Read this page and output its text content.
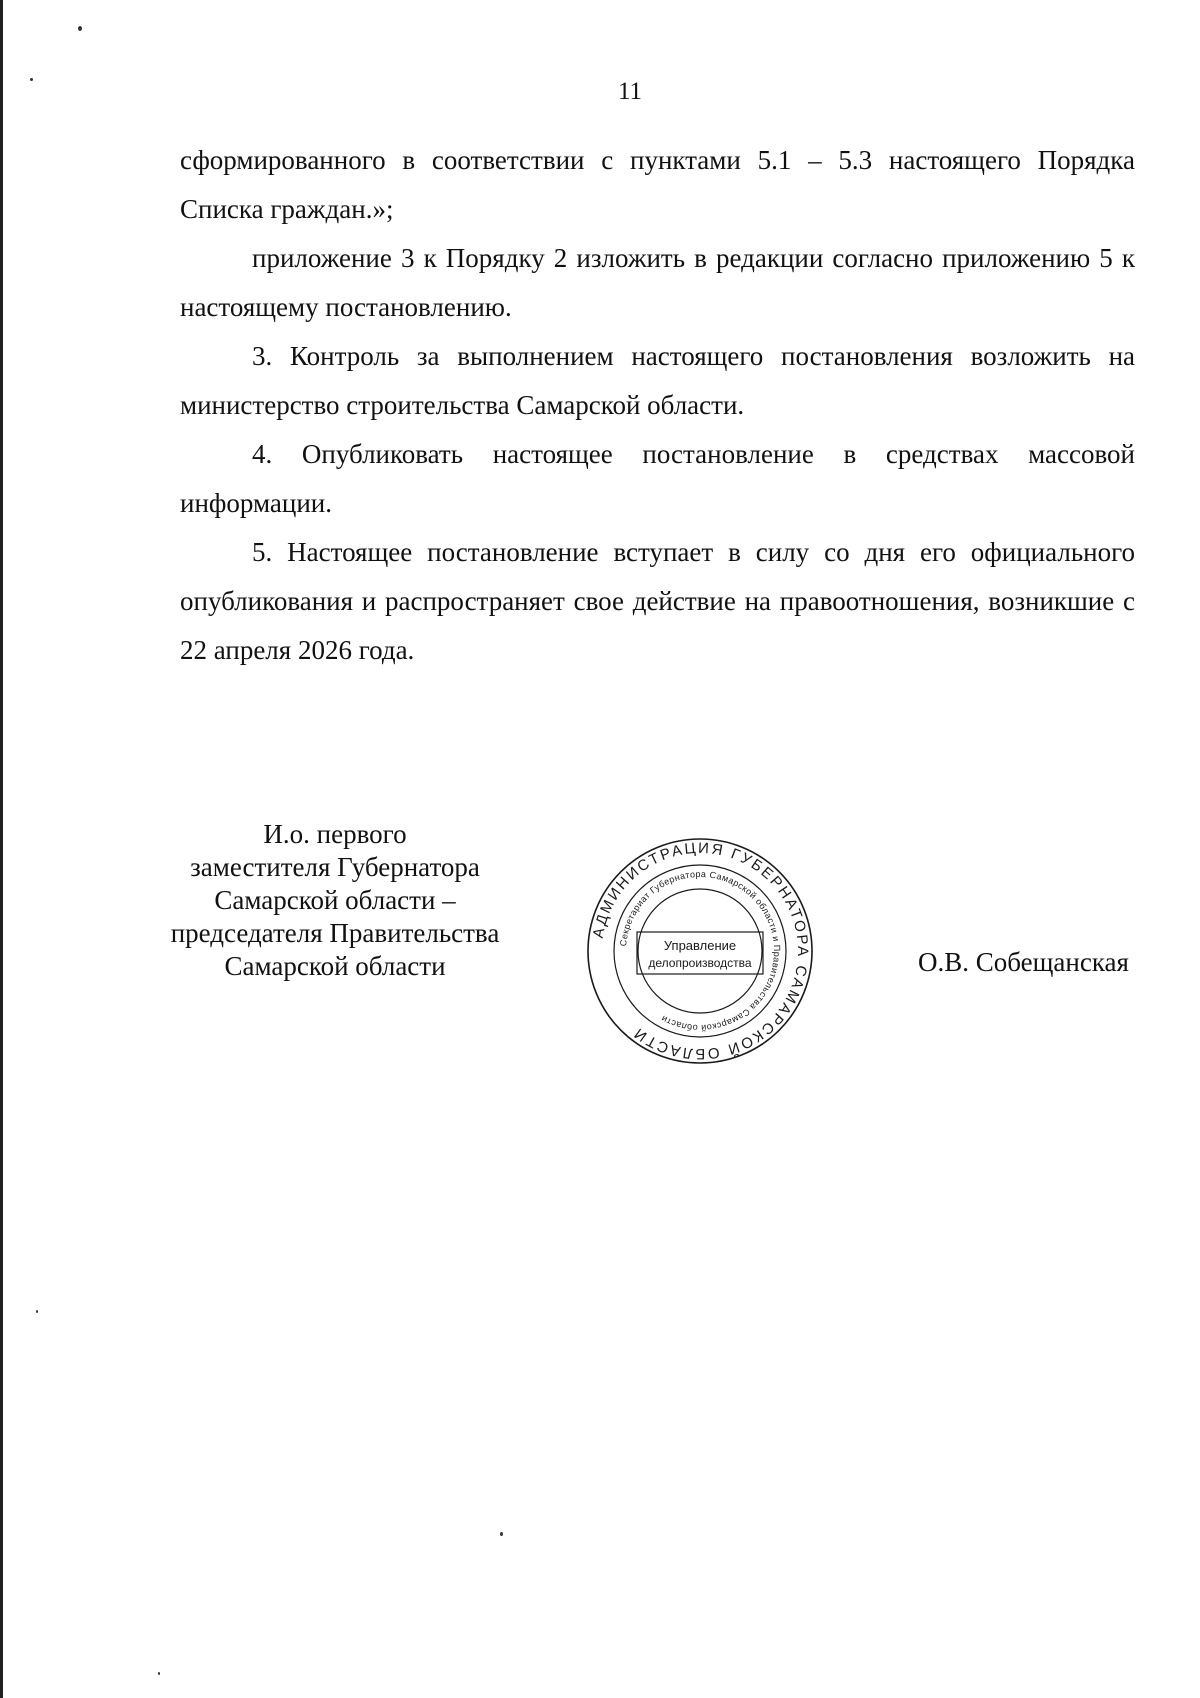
11

сформированного в соответствии с пунктами 5.1 – 5.3 настоящего Порядка Списка граждан.»;

приложение 3 к Порядку 2 изложить в редакции согласно приложению 5 к настоящему постановлению.

3. Контроль за выполнением настоящего постановления возложить на министерство строительства Самарской области.

4. Опубликовать настоящее постановление в средствах массовой информации.

5. Настоящее постановление вступает в силу со дня его официального опубликования и распространяет свое действие на правоотношения, возникшие с 22 апреля 2026 года.

И.о. первого
заместителя Губернатора
Самарской области –
председателя Правительства
Самарской области
АДМИНИСТРАЦИЯ ГУБЕРНАТОРА САМАРСКОЙ ОБЛАСТИ
Секретариат Губернатора Самарской области и Правительства Самарской области
Управление
делопроизводства	О.В. Собещанская
